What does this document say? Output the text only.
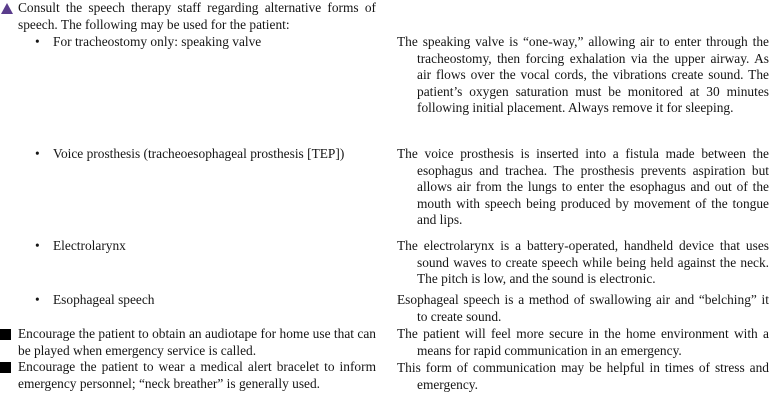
Consult the speech therapy staff regarding alternative forms of speech. The following may be used for the patient:
• For tracheostomy only: speaking valve
• Voice prosthesis (tracheoesophageal prosthesis [TEP])
• Electrolarynx
• Esophageal speech
Encourage the patient to obtain an audiotape for home use that can be played when emergency service is called.
Encourage the patient to wear a medical alert bracelet to inform emergency personnel; “neck breather” is generally used.
The speaking valve is “one-way,” allowing air to enter through the tracheostomy, then forcing exhalation via the upper airway. As air flows over the vocal cords, the vibrations create sound. The patient’s oxygen saturation must be monitored at 30 minutes following initial placement. Always remove it for sleeping.
The voice prosthesis is inserted into a fistula made between the esophagus and trachea. The prosthesis prevents aspiration but allows air from the lungs to enter the esophagus and out of the mouth with speech being produced by movement of the tongue and lips.
The electrolarynx is a battery-operated, handheld device that uses sound waves to create speech while being held against the neck. The pitch is low, and the sound is electronic.
Esophageal speech is a method of swallowing air and “belching” it to create sound.
The patient will feel more secure in the home environment with a means for rapid communication in an emergency.
This form of communication may be helpful in times of stress and emergency.
